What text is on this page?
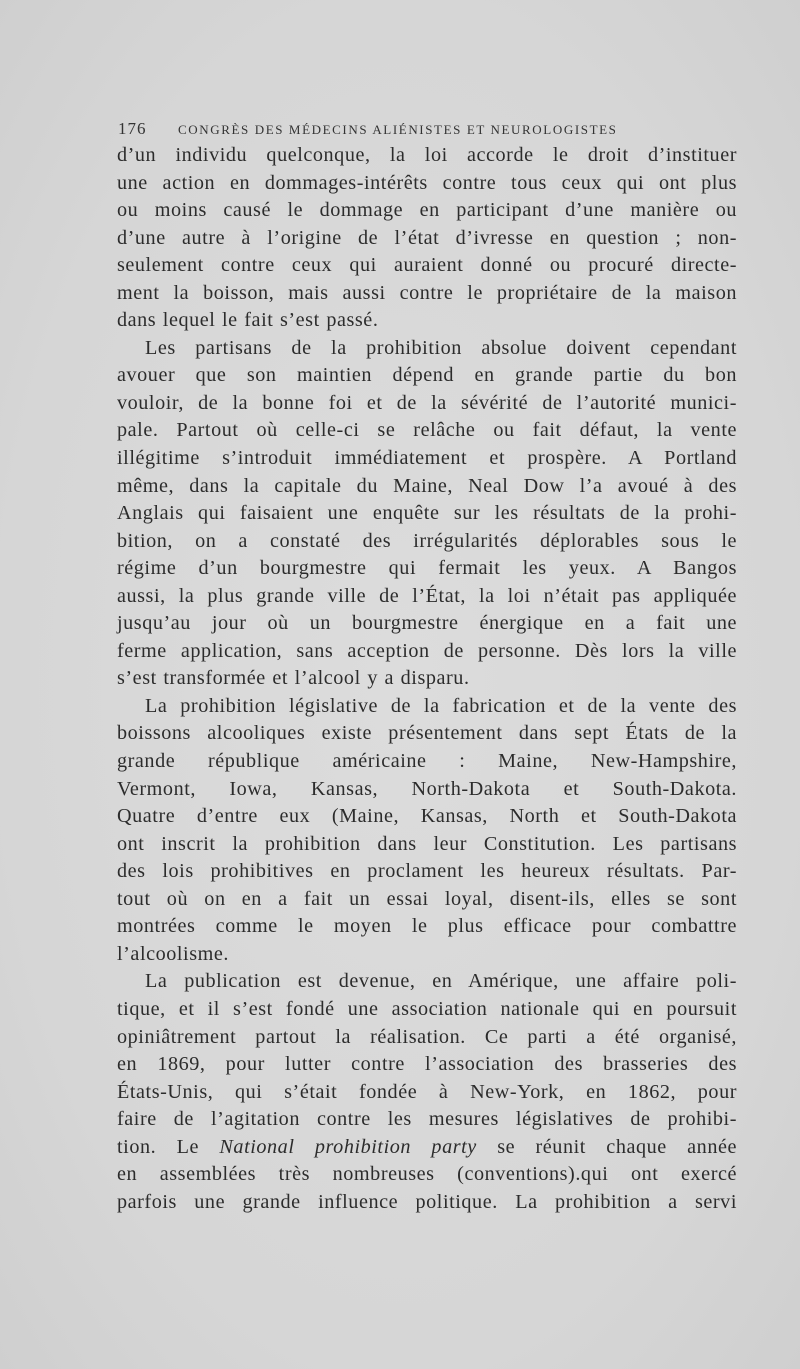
176	CONGRÈS DES MÉDECINS ALIÉNISTES ET NEUROLOGISTES
d’un individu quelconque, la loi accorde le droit d’instituer
une action en dommages-intérêts contre tous ceux qui ont plus
ou moins causé le dommage en participant d’une manière ou
d’une autre à l’origine de l’état d’ivresse en question ; non-
seulement contre ceux qui auraient donné ou procuré directe-
ment la boisson, mais aussi contre le propriétaire de la maison
dans lequel le fait s’est passé.
Les partisans de la prohibition absolue doivent cependant
avouer que son maintien dépend en grande partie du bon
vouloir, de la bonne foi et de la sévérité de l’autorité munici-
pale. Partout où celle-ci se relâche ou fait défaut, la vente
illégitime s’introduit immédiatement et prospère. A Portland
même, dans la capitale du Maine, Neal Dow l’a avoué à des
Anglais qui faisaient une enquête sur les résultats de la prohi-
bition, on a constaté des irrégularités déplorables sous le
régime d’un bourgmestre qui fermait les yeux. A Bangos
aussi, la plus grande ville de l’État, la loi n’était pas appliquée
jusqu’au jour où un bourgmestre énergique en a fait une
ferme application, sans acception de personne. Dès lors la ville
s’est transformée et l’alcool y a disparu.
La prohibition législative de la fabrication et de la vente des
boissons alcooliques existe présentement dans sept États de la
grande république américaine : Maine, New-Hampshire,
Vermont, Iowa, Kansas, North-Dakota et South-Dakota.
Quatre d’entre eux (Maine, Kansas, North et South-Dakota
ont inscrit la prohibition dans leur Constitution. Les partisans
des lois prohibitives en proclament les heureux résultats. Par-
tout où on en a fait un essai loyal, disent-ils, elles se sont
montrées comme le moyen le plus efficace pour combattre
l’alcoolisme.
La publication est devenue, en Amérique, une affaire poli-
tique, et il s’est fondé une association nationale qui en poursuit
opiniâtrement partout la réalisation. Ce parti a été organisé,
en 1869, pour lutter contre l’association des brasseries des
États-Unis, qui s’était fondée à New-York, en 1862, pour
faire de l’agitation contre les mesures législatives de prohibi-
tion. Le National prohibition party se réunit chaque année
en assemblées très nombreuses (conventions).qui ont exercé
parfois une grande influence politique. La prohibition a servi
